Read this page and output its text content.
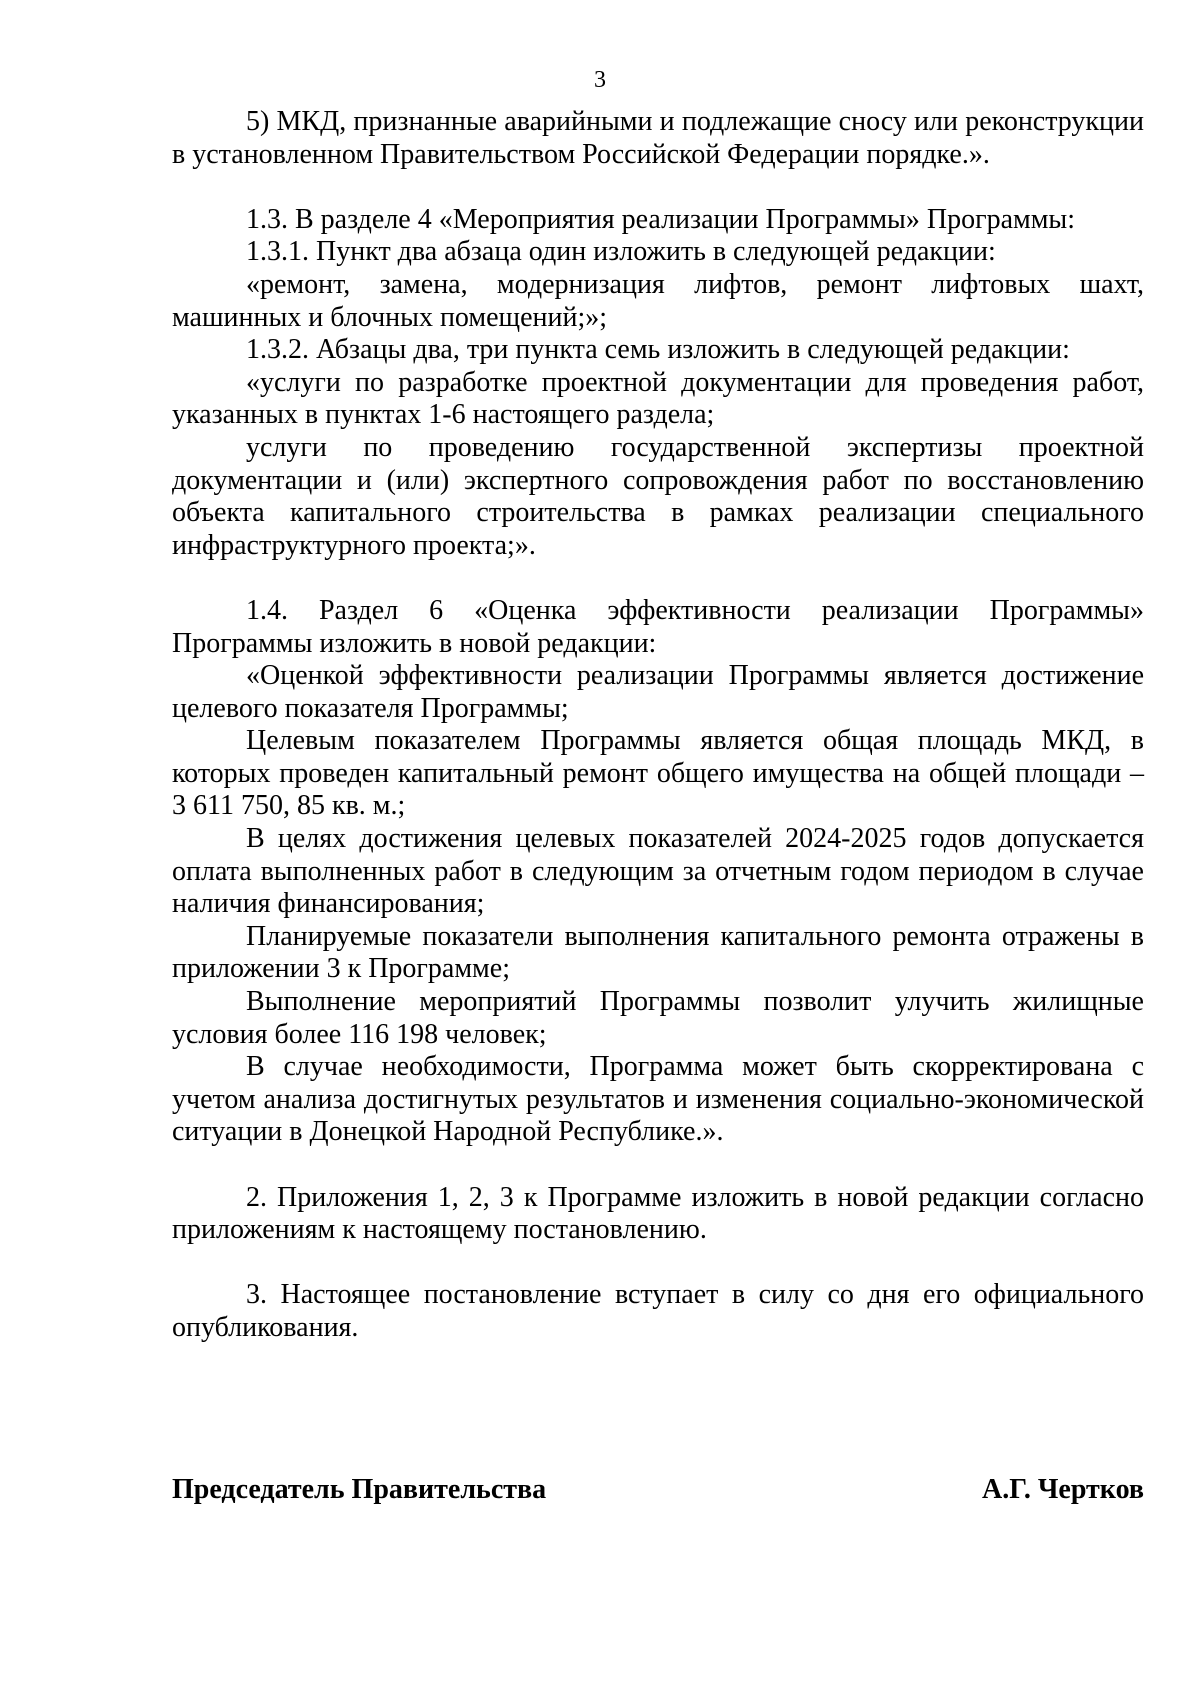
3

5) МКД, признанные аварийными и подлежащие сносу или реконструкции в установленном Правительством Российской Федерации порядке.».

1.3. В разделе 4 «Мероприятия реализации Программы» Программы:

1.3.1. Пункт два абзаца один изложить в следующей редакции:

«ремонт, замена, модернизация лифтов, ремонт лифтовых шахт, машинных и блочных помещений;»;

1.3.2. Абзацы два, три пункта семь изложить в следующей редакции:

«услуги по разработке проектной документации для проведения работ, указанных в пунктах 1-6 настоящего раздела;

услуги по проведению государственной экспертизы проектной документации и (или) экспертного сопровождения работ по восстановлению объекта капитального строительства в рамках реализации специального инфраструктурного проекта;».

1.4. Раздел 6 «Оценка эффективности реализации Программы» Программы изложить в новой редакции:

«Оценкой эффективности реализации Программы является достижение целевого показателя Программы;

Целевым показателем Программы является общая площадь МКД, в которых проведен капитальный ремонт общего имущества на общей площади – 3 611 750, 85 кв. м.;

В целях достижения целевых показателей 2024-2025 годов допускается оплата выполненных работ в следующим за отчетным годом периодом в случае наличия финансирования;

Планируемые показатели выполнения капитального ремонта отражены в приложении 3 к Программе;

Выполнение мероприятий Программы позволит улучить жилищные условия более 116 198 человек;

В случае необходимости, Программа может быть скорректирована с учетом анализа достигнутых результатов и изменения социально-экономической ситуации в Донецкой Народной Республике.».

2. Приложения 1, 2, 3 к Программе изложить в новой редакции согласно приложениям к настоящему постановлению.

3. Настоящее постановление вступает в силу со дня его официального опубликования.

Председатель Правительства	А.Г. Чертков
